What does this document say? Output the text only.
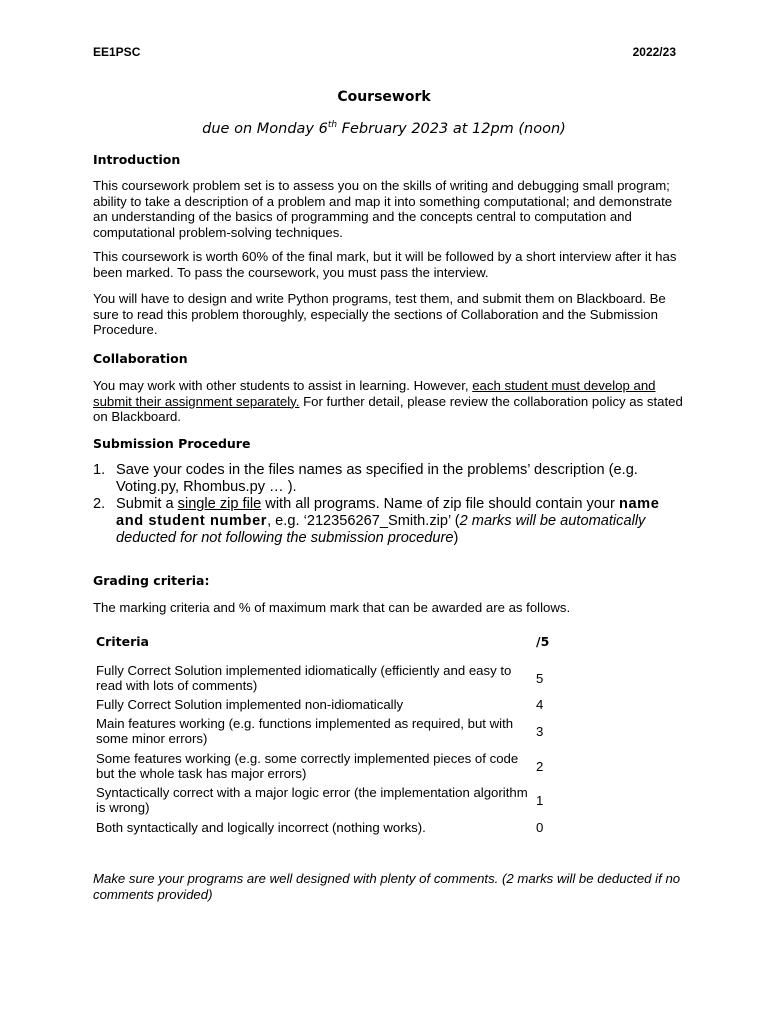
EE1PSC	2022/23
Coursework
due on Monday 6th February 2023 at 12pm (noon)
Introduction
This coursework problem set is to assess you on the skills of writing and debugging small program; ability to take a description of a problem and map it into something computational; and demonstrate an understanding of the basics of programming and the concepts central to computation and computational problem-solving techniques.
This coursework is worth 60% of the final mark, but it will be followed by a short interview after it has been marked. To pass the coursework, you must pass the interview.
You will have to design and write Python programs, test them, and submit them on Blackboard. Be sure to read this problem thoroughly, especially the sections of Collaboration and the Submission Procedure.
Collaboration
You may work with other students to assist in learning. However, each student must develop and submit their assignment separately. For further detail, please review the collaboration policy as stated on Blackboard.
Submission Procedure
1. Save your codes in the files names as specified in the problems’ description (e.g. Voting.py, Rhombus.py … ).
2. Submit a single zip file with all programs. Name of zip file should contain your name and student number, e.g. ‘212356267_Smith.zip’ (2 marks will be automatically deducted for not following the submission procedure)
Grading criteria:
The marking criteria and % of maximum mark that can be awarded are as follows.
Criteria	/5
Fully Correct Solution implemented idiomatically (efficiently and easy to read with lots of comments)	5
Fully Correct Solution implemented non-idiomatically	4
Main features working (e.g. functions implemented as required, but with some minor errors)	3
Some features working (e.g. some correctly implemented pieces of code but the whole task has major errors)	2
Syntactically correct with a major logic error (the implementation algorithm is wrong)	1
Both syntactically and logically incorrect (nothing works).	0
Make sure your programs are well designed with plenty of comments. (2 marks will be deducted if no comments provided)
